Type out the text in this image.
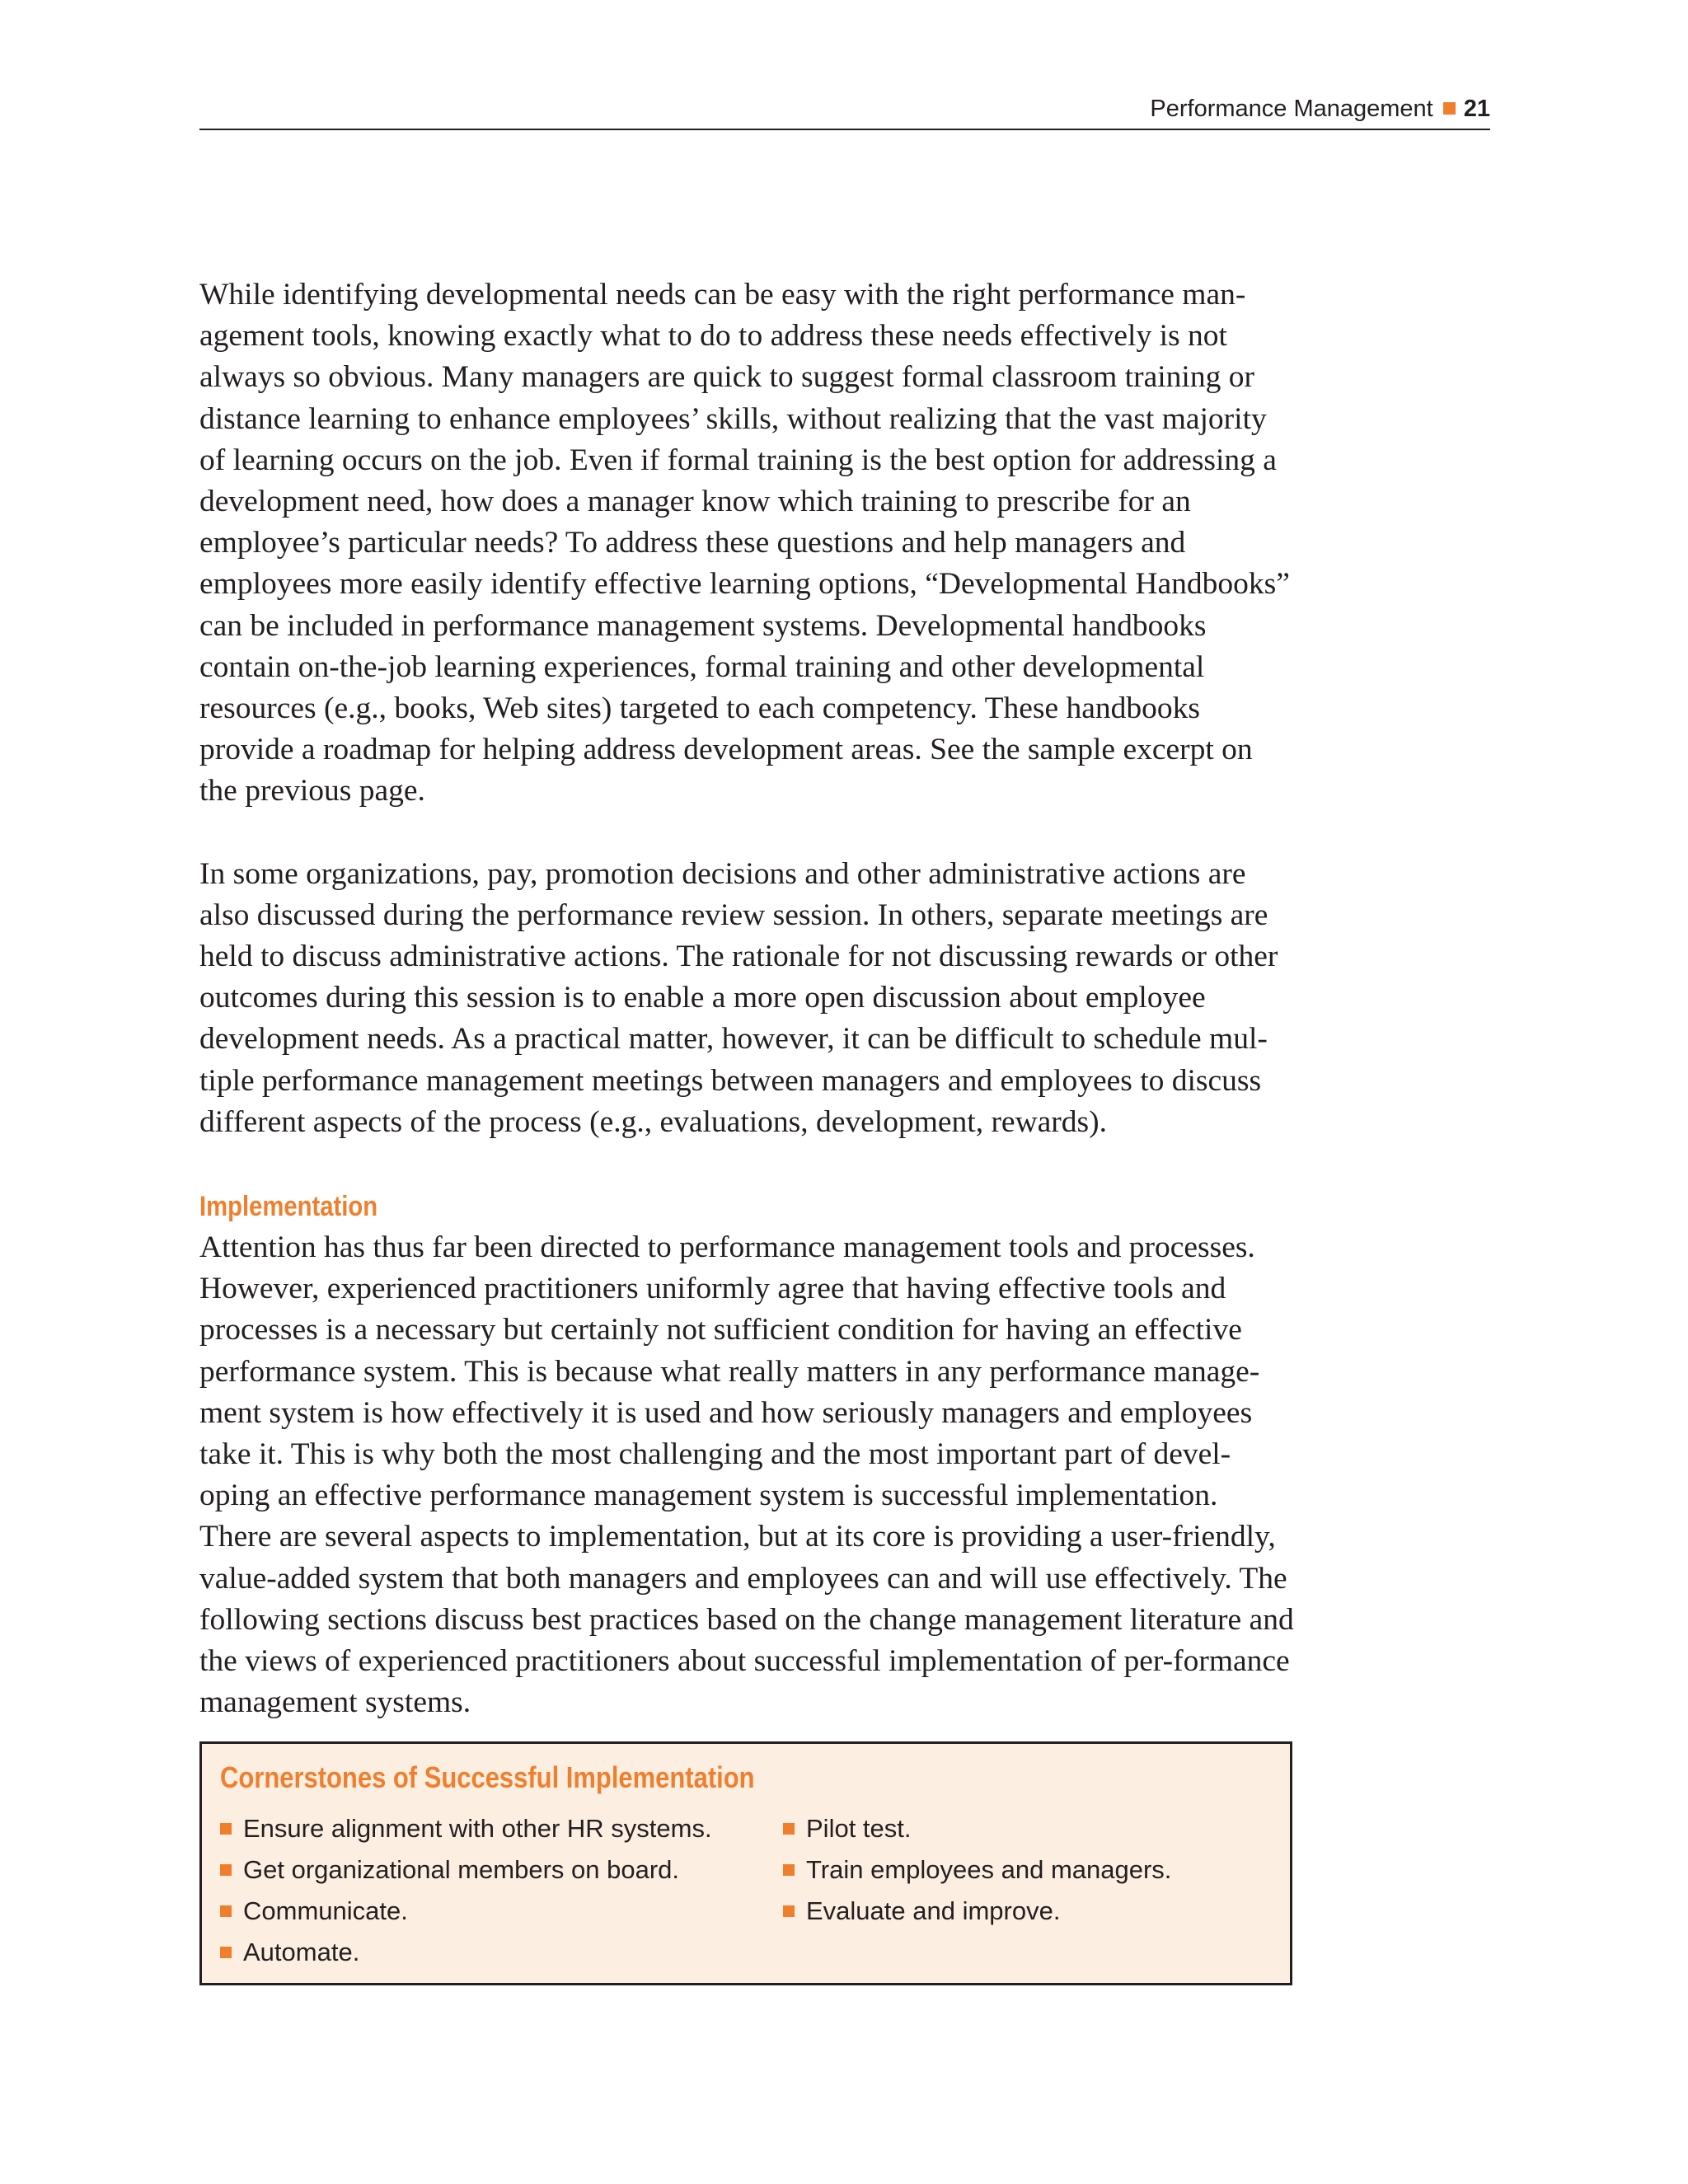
Performance Management 21

While identifying developmental needs can be easy with the right performance man-agement tools, knowing exactly what to do to address these needs effectively is not always so obvious. Many managers are quick to suggest formal classroom training or distance learning to enhance employees’ skills, without realizing that the vast majority of learning occurs on the job. Even if formal training is the best option for addressing a development need, how does a manager know which training to prescribe for an employee’s particular needs? To address these questions and help managers and employees more easily identify effective learning options, “Developmental Handbooks” can be included in performance management systems. Developmental handbooks contain on-the-job learning experiences, formal training and other developmental resources (e.g., books, Web sites) targeted to each competency. These handbooks provide a roadmap for helping address development areas. See the sample excerpt on the previous page.

In some organizations, pay, promotion decisions and other administrative actions are also discussed during the performance review session. In others, separate meetings are held to discuss administrative actions. The rationale for not discussing rewards or other outcomes during this session is to enable a more open discussion about employee development needs. As a practical matter, however, it can be difficult to schedule mul-tiple performance management meetings between managers and employees to discuss different aspects of the process (e.g., evaluations, development, rewards).

Implementation

Attention has thus far been directed to performance management tools and processes. However, experienced practitioners uniformly agree that having effective tools and processes is a necessary but certainly not sufficient condition for having an effective performance system. This is because what really matters in any performance manage-ment system is how effectively it is used and how seriously managers and employees take it. This is why both the most challenging and the most important part of devel-oping an effective performance management system is successful implementation. There are several aspects to implementation, but at its core is providing a user-friendly, value-added system that both managers and employees can and will use effectively. The following sections discuss best practices based on the change management literature and the views of experienced practitioners about successful implementation of per-formance management systems.

Cornerstones of Successful Implementation
Ensure alignment with other HR systems.
Get organizational members on board.
Communicate.
Automate.
Pilot test.
Train employees and managers.
Evaluate and improve.
